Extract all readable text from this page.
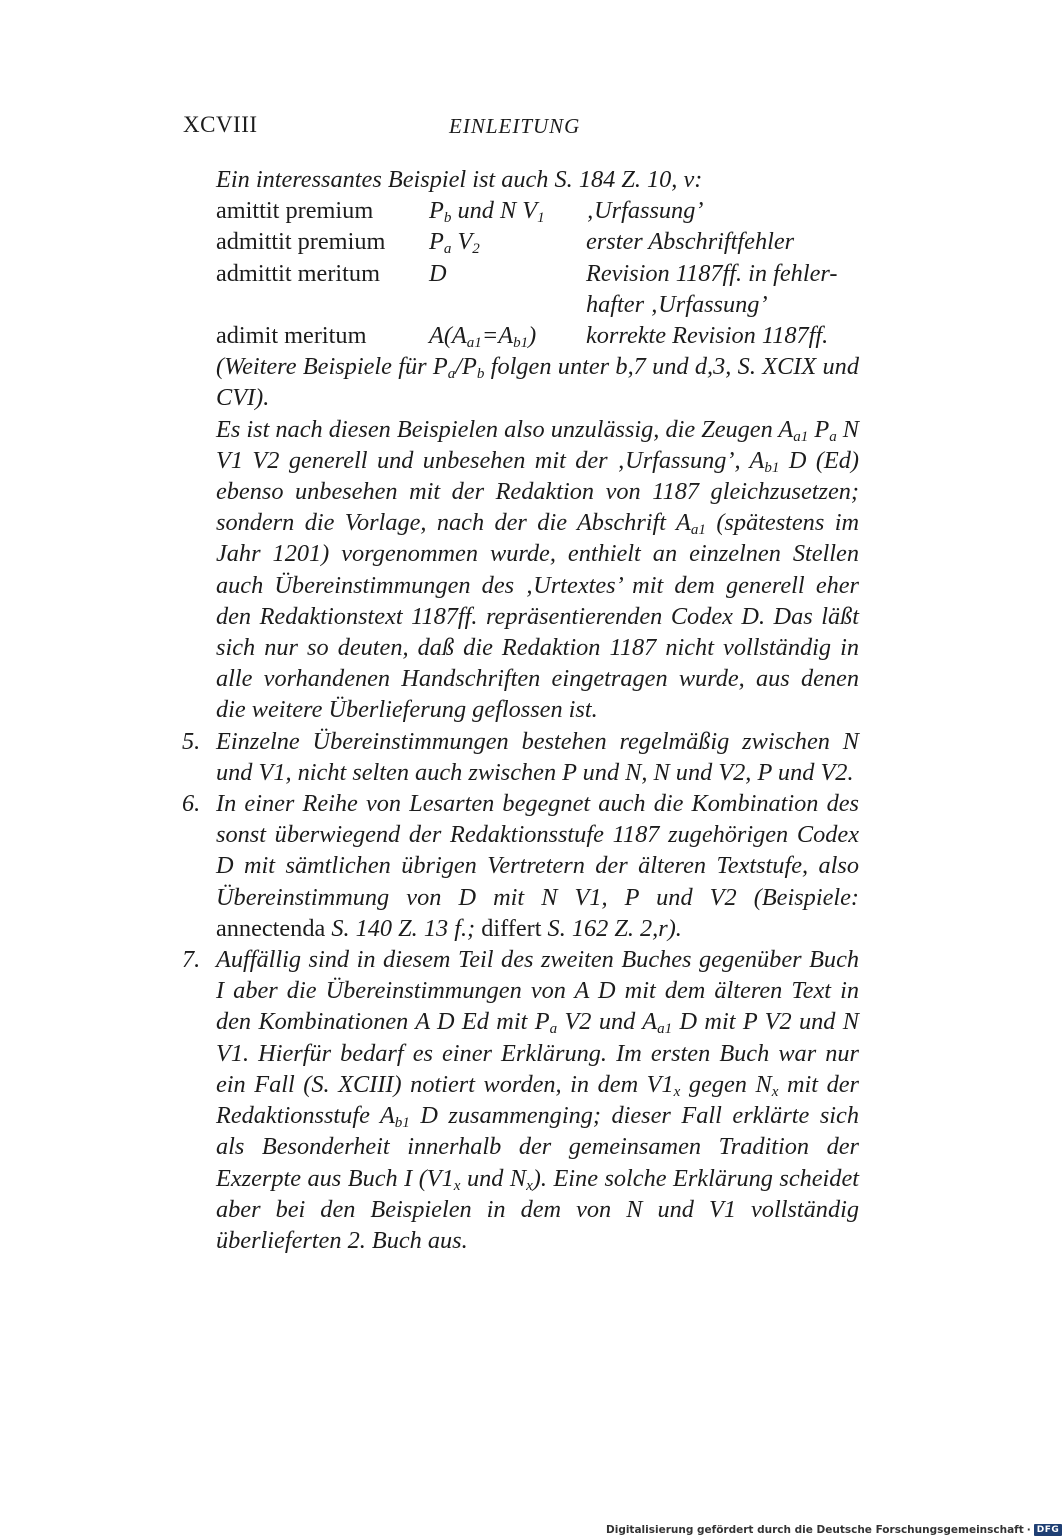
XCVIII	EINLEITUNG
Ein interessantes Beispiel ist auch S. 184 Z. 10, v:
amittit premium	$P_b$ und N $V_1$	‚Urfassung’
admittit premium	$P_a$ $V_2$	erster Abschriftfehler
admittit meritum	D	Revision 1187ff. in fehler-
hafter ‚Urfassung’
adimit meritum	$A(A_{a1}=A_{b1})$	korrekte Revision 1187ff.
(Weitere Beispiele für $P_a/P_b$ folgen unter b,7 und d,3, S. XCIX und CVI).
Es ist nach diesen Beispielen also unzulässig, die Zeugen $A_{a1}$ $P_a$ N V1 V2 generell und unbesehen mit der ‚Urfassung’, $A_{b1}$ D (Ed) ebenso unbesehen mit der Redaktion von 1187 gleichzusetzen; sondern die Vorlage, nach der die Abschrift $A_{a1}$ (spätestens im Jahr 1201) vorgenommen wurde, enthielt an einzelnen Stellen auch Übereinstimmungen des ‚Urtextes’ mit dem generell eher den Redaktionstext 1187ff. repräsentierenden Codex D. Das läßt sich nur so deuten, daß die Redaktion 1187 nicht vollständig in alle vorhandenen Handschriften eingetragen wurde, aus denen die weitere Überlieferung geflossen ist.
5. Einzelne Übereinstimmungen bestehen regelmäßig zwischen N und V1, nicht selten auch zwischen P und N, N und V2, P und V2.
6. In einer Reihe von Lesarten begegnet auch die Kombination des sonst überwiegend der Redaktionsstufe 1187 zugehörigen Codex D mit sämtlichen übrigen Vertretern der älteren Textstufe, also Übereinstimmung von D mit N V1, P und V2 (Beispiele: annectenda S. 140 Z. 13 f.; differt S. 162 Z. 2,r).
7. Auffällig sind in diesem Teil des zweiten Buches gegenüber Buch I aber die Übereinstimmungen von A D mit dem älteren Text in den Kombinationen A D Ed mit $P_a$ V2 und $A_{a1}$ D mit P V2 und N V1. Hierfür bedarf es einer Erklärung. Im ersten Buch war nur ein Fall (S. XCIII) notiert worden, in dem $V1_x$ gegen $N_x$ mit der Redaktionsstufe $A_{b1}$ D zusammenging; dieser Fall erklärte sich als Besonderheit innerhalb der gemeinsamen Tradition der Exzerpte aus Buch I ($V1_x$ und $N_x$). Eine solche Erklärung scheidet aber bei den Beispielen in dem von N und V1 vollständig überlieferten 2. Buch aus.
Digitalisierung gefördert durch die Deutsche Forschungsgemeinschaft · DFG
